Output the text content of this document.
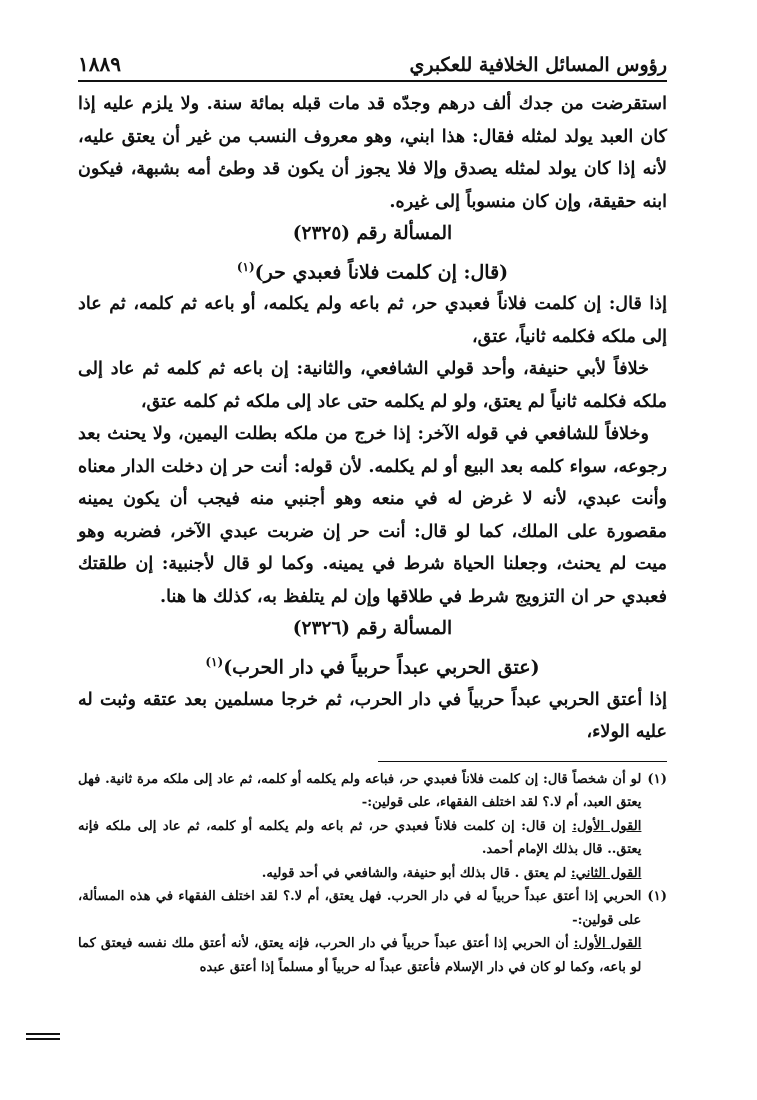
رؤوس المسائل الخلافية للعكبري
١٨٨٩

استقرضت من جدك ألف درهم وجدّه قد مات قبله بمائة سنة. ولا يلزم عليه إذا كان العبد يولد لمثله فقال: هذا ابني، وهو معروف النسب من غير أن يعتق عليه، لأنه إذا كان يولد لمثله يصدق وإلا فلا يجوز أن يكون قد وطئ أمه بشبهة، فيكون ابنه حقيقة، وإن كان منسوباً إلى غيره.

المسألة رقم (٢٣٢٥)

(قال: إن كلمت فلاناً فعبدي حر)$^{(١)}$

إذا قال: إن كلمت فلاناً فعبدي حر، ثم باعه ولم يكلمه، أو باعه ثم كلمه، ثم عاد إلى ملكه فكلمه ثانياً، عتق،

خلافاً لأبي حنيفة، وأحد قولي الشافعي، والثانية: إن باعه ثم كلمه ثم عاد إلى ملكه فكلمه ثانياً لم يعتق، ولو لم يكلمه حتى عاد إلى ملكه ثم كلمه عتق،

وخلافاً للشافعي في قوله الآخر: إذا خرج من ملكه بطلت اليمين، ولا يحنث بعد رجوعه، سواء كلمه بعد البيع أو لم يكلمه. لأن قوله: أنت حر إن دخلت الدار معناه وأنت عبدي، لأنه لا غرض له في منعه وهو أجنبي منه فيجب أن يكون يمينه مقصورة على الملك، كما لو قال: أنت حر إن ضربت عبدي الآخر، فضربه وهو ميت لم يحنث، وجعلنا الحياة شرط في يمينه. وكما لو قال لأجنبية: إن طلقتك فعبدي حر ان التزويج شرط في طلاقها وإن لم يتلفظ به، كذلك ها هنا.

المسألة رقم (٢٣٢٦)

(عتق الحربي عبداً حربياً في دار الحرب)$^{(١)}$

إذا أعتق الحربي عبداً حربياً في دار الحرب، ثم خرجا مسلمين بعد عتقه وثبت له عليه الولاء،

(١)

لو أن شخصاً قال: إن كلمت فلاناً فعبدي حر، فباعه ولم يكلمه أو كلمه، ثم عاد إلى ملكه مرة ثانية. فهل يعتق العبد، أم لا.؟ لقد اختلف الفقهاء، على قولين:-

القول الأول: إن قال: إن كلمت فلاناً فعبدي حر، ثم باعه ولم يكلمه أو كلمه، ثم عاد إلى ملكه فإنه يعتق.. قال بذلك الإمام أحمد.

القول الثاني: لم يعتق . قال بذلك أبو حنيفة، والشافعي في أحد قوليه.

(١)

الحربي إذا أعتق عبداً حربياً له في دار الحرب. فهل يعتق، أم لا.؟ لقد اختلف الفقهاء في هذه المسألة، على قولين:-

القول الأول: أن الحربي إذا أعتق عبداً حربياً في دار الحرب، فإنه يعتق، لأنه أعتق ملك نفسه فيعتق كما لو باعه، وكما لو كان في دار الإسلام فأعتق عبداً له حربياً أو مسلماً إذا أعتق عبده
